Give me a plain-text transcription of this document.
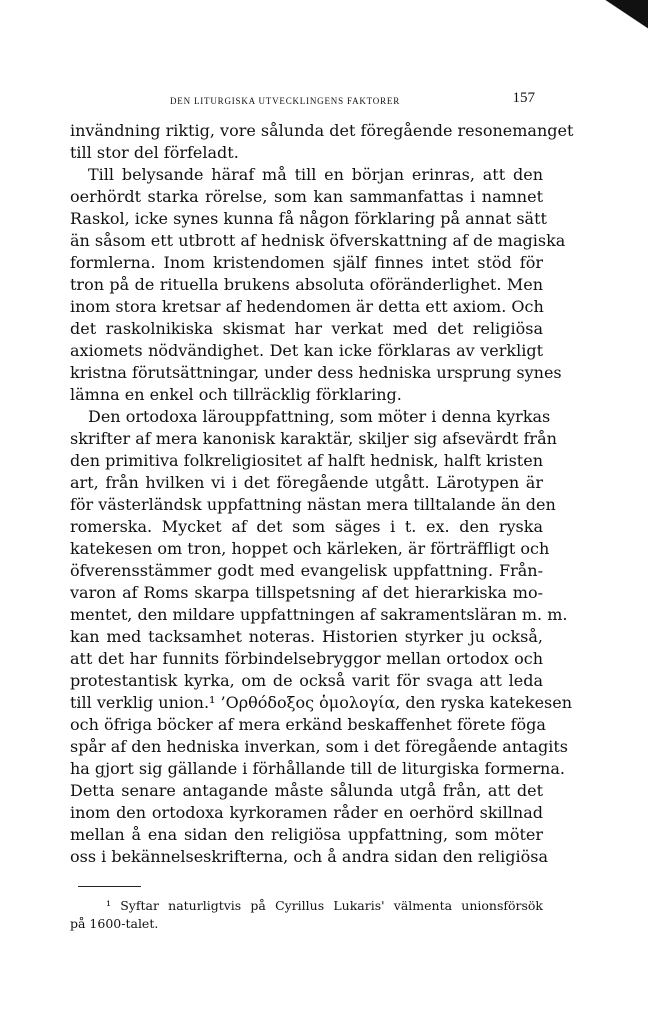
DEN LITURGISKA UTVECKLINGENS FAKTORER	157

invändning riktig, vore sålunda det föregående resonemanget

till stor del förfeladt.

Till belysande häraf må till en början erinras, att den

oerhördt starka rörelse, som kan sammanfattas i namnet

Raskol, icke synes kunna få någon förklaring på annat sätt

än såsom ett utbrott af hednisk öfverskattning af de magiska

formlerna. Inom kristendomen själf finnes intet stöd för

tron på de rituella brukens absoluta oföränderlighet. Men

inom stora kretsar af hedendomen är detta ett axiom. Och

det raskolnikiska skismat har verkat med det religiösa

axiomets nödvändighet. Det kan icke förklaras av verkligt

kristna förutsättningar, under dess hedniska ursprung synes

lämna en enkel och tillräcklig förklaring.

Den ortodoxa lärouppfattning, som möter i denna kyrkas

skrifter af mera kanonisk karaktär, skiljer sig afsevärdt från

den primitiva folkreligiositet af halft hednisk, halft kristen

art, från hvilken vi i det föregående utgått. Lärotypen är

för västerländsk uppfattning nästan mera tilltalande än den

romerska. Mycket af det som säges i t. ex. den ryska

katekesen om tron, hoppet och kärleken, är förträffligt och

öfverensstämmer godt med evangelisk uppfattning. Från-

varon af Roms skarpa tillspetsning af det hierarkiska mo-

mentet, den mildare uppfattningen af sakramentsläran m. m.

kan med tacksamhet noteras. Historien styrker ju också,

att det har funnits förbindelsebryggor mellan ortodox och

protestantisk kyrka, om de också varit för svaga att leda

till verklig union.¹ ’Ορθόδοξος ὁμολογία, den ryska katekesen

och öfriga böcker af mera erkänd beskaffenhet förete föga

spår af den hedniska inverkan, som i det föregående antagits

ha gjort sig gällande i förhållande till de liturgiska formerna.

Detta senare antagande måste sålunda utgå från, att det

inom den ortodoxa kyrkoramen råder en oerhörd skillnad

mellan å ena sidan den religiösa uppfattning, som möter

oss i bekännelseskrifterna, och å andra sidan den religiösa

¹ Syftar naturligtvis på Cyrillus Lukaris' välmenta unionsförsök

på 1600-talet.
